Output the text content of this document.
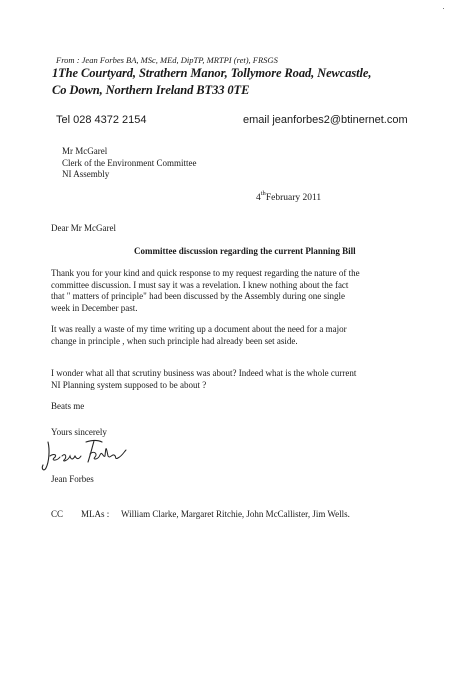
From : Jean Forbes BA, MSc, MEd, DipTP, MRTPI (ret), FRSGS
1The Courtyard, Strathern Manor, Tollymore Road, Newcastle,
Co Down, Northern Ireland BT33 0TE
Tel 028 4372 2154	email jeanforbes2@btinernet.com
Mr McGarel
Clerk of the Environment Committee
NI Assembly
4thFebruary 2011
Dear Mr McGarel
Committee discussion regarding the current Planning Bill
Thank you for your kind and quick response to my request regarding the nature of the
committee discussion. I must say it was a revelation. I knew nothing about the fact
that " matters of principle" had been discussed by the Assembly during one single
week in December past.
It was really a waste of my time writing up a document about the need for a major
change in principle , when such principle had already been set aside.
I wonder what all that scrutiny business was about? Indeed what is the whole current
NI Planning system supposed to be about ?
Beats me
Yours sincerely
Jean Forbes
CC MLAs : William Clarke, Margaret Ritchie, John McCallister, Jim Wells.
